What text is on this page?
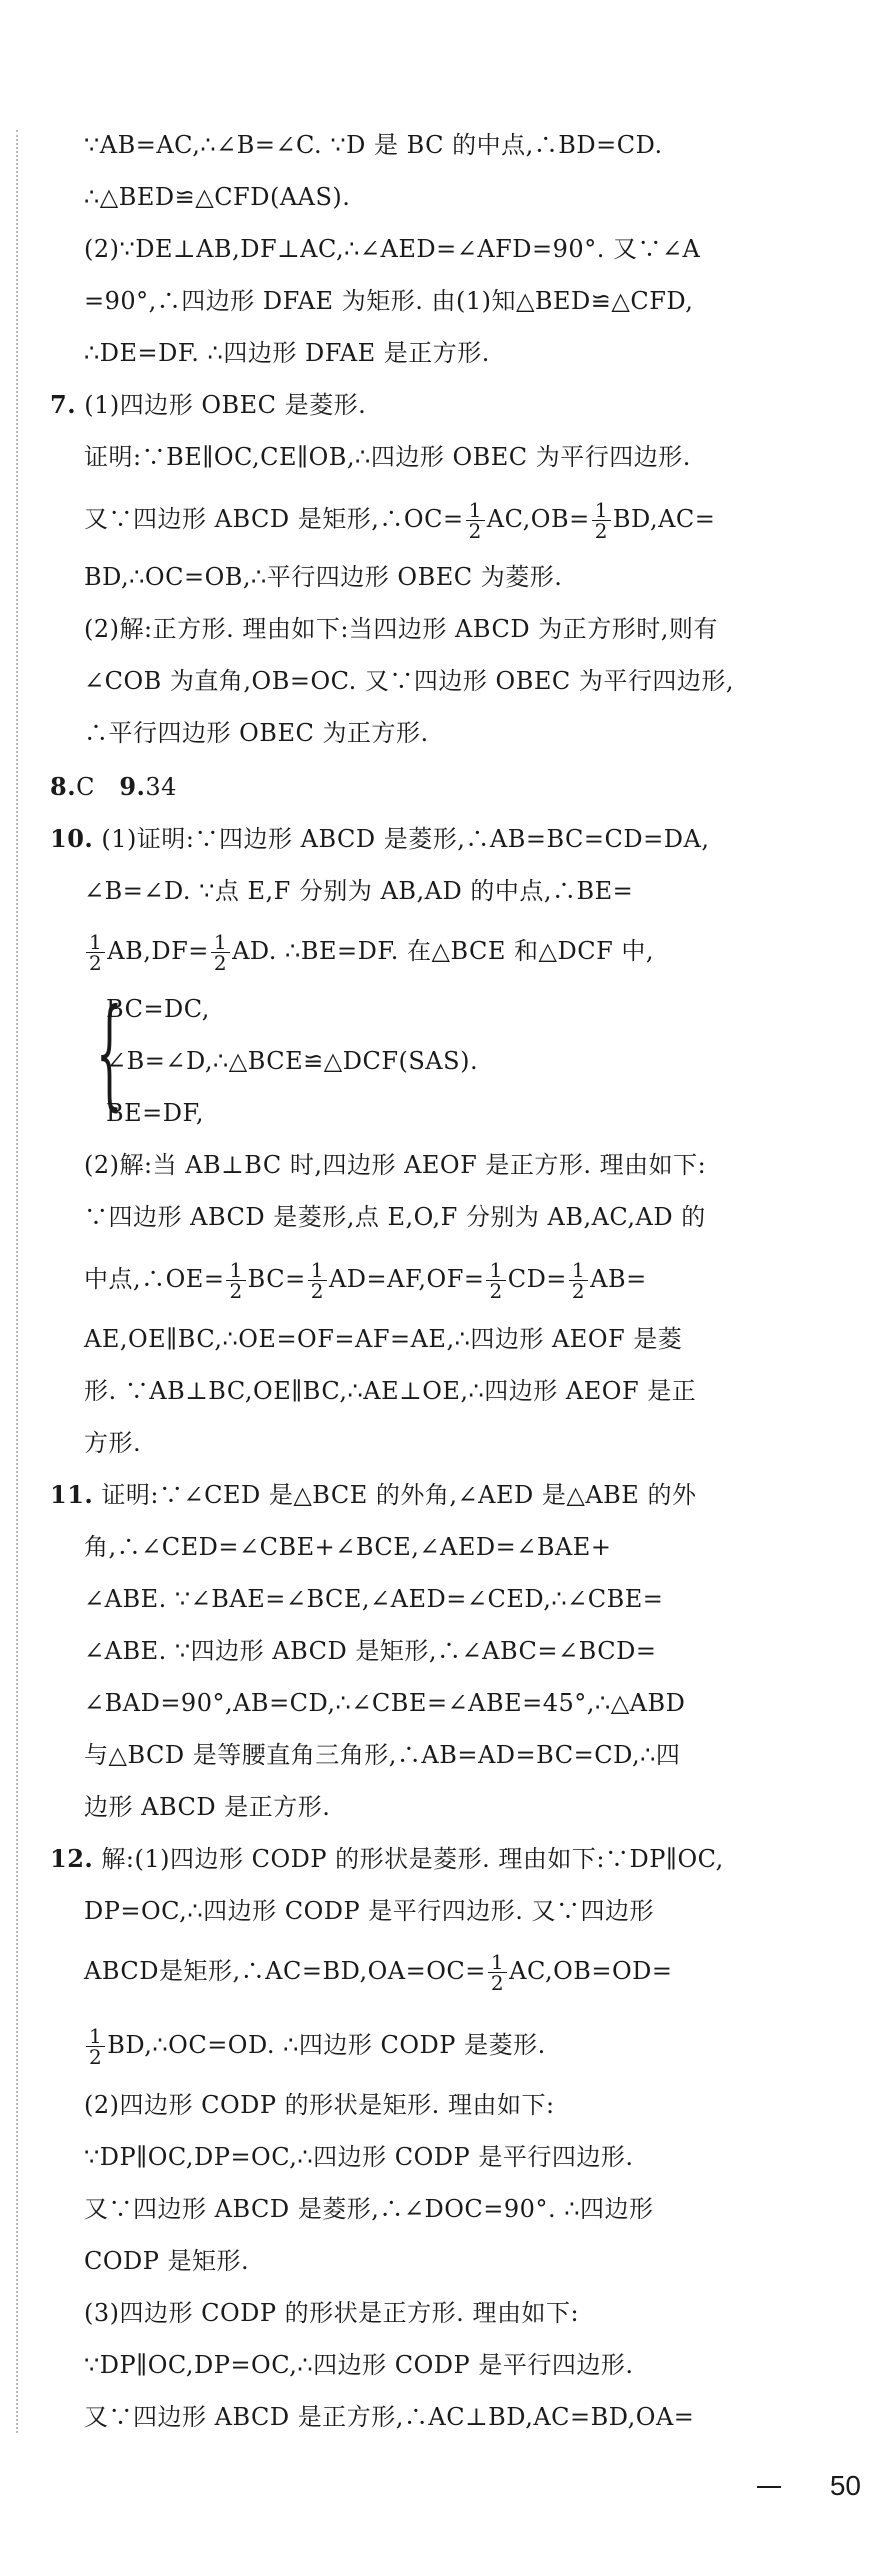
∵AB=AC,∴∠B=∠C. ∵D 是 BC 的中点,∴BD=CD.
∴△BED≌△CFD(AAS).
(2)∵DE⊥AB,DF⊥AC,∴∠AED=∠AFD=90°. 又∵∠A
=90°,∴四边形 DFAE 为矩形. 由(1)知△BED≌△CFD,
∴DE=DF. ∴四边形 DFAE 是正方形.
7. (1)四边形 OBEC 是菱形.
证明:∵BE∥OC,CE∥OB,∴四边形 OBEC 为平行四边形.
又∵四边形 ABCD 是矩形,∴OC= $\frac{1}{2} AC,OB= \frac{1}{2} BD,AC=$
BD,∴OC=OB,∴平行四边形 OBEC 为菱形.
(2)解:正方形. 理由如下:当四边形 ABCD 为正方形时,则有
∠COB 为直角,OB=OC. 又∵四边形 OBEC 为平行四边形,
∴平行四边形 OBEC 为正方形.
8.C 9.34
10. (1)证明:∵四边形 ABCD 是菱形,∴AB=BC=CD=DA,
∠B=∠D. ∵点 E,F 分别为 AB,AD 的中点,∴BE=
$\frac{1}{2} AB,DF= \frac{1}{2}$ AD. ∴BE=DF. 在△BCE 和△DCF 中,
{
BC=DC,
∠B=∠D,∴△BCE≌△DCF(SAS).
BE=DF,
(2)解:当 AB⊥BC 时,四边形 AEOF 是正方形. 理由如下:
∵四边形 ABCD 是菱形,点 E,O,F 分别为 AB,AC,AD 的
中点,∴OE= $\frac{1}{2} BC= \frac{1}{2} AD=AF,OF= \frac{1}{2} CD= \frac{1}{2} AB=$
AE,OE∥BC,∴OE=OF=AF=AE,∴四边形 AEOF 是菱
形. ∵AB⊥BC,OE∥BC,∴AE⊥OE,∴四边形 AEOF 是正
方形.
11. 证明:∵∠CED 是△BCE 的外角,∠AED 是△ABE 的外
角,∴∠CED=∠CBE+∠BCE,∠AED=∠BAE+
∠ABE. ∵∠BAE=∠BCE,∠AED=∠CED,∴∠CBE=
∠ABE. ∵四边形 ABCD 是矩形,∴∠ABC=∠BCD=
∠BAD=90°,AB=CD,∴∠CBE=∠ABE=45°,∴△ABD
与△BCD 是等腰直角三角形,∴AB=AD=BC=CD,∴四
边形 ABCD 是正方形.
12. 解:(1)四边形 CODP 的形状是菱形. 理由如下:∵DP∥OC,
DP=OC,∴四边形 CODP 是平行四边形. 又∵四边形
ABCD是矩形,∴AC=BD,OA=OC= $\frac{1}{2} AC,OB=OD=$
$\frac{1}{2}$ BD,∴OC=OD. ∴四边形 CODP 是菱形.
(2)四边形 CODP 的形状是矩形. 理由如下:
∵DP∥OC,DP=OC,∴四边形 CODP 是平行四边形.
又∵四边形 ABCD 是菱形,∴∠DOC=90°. ∴四边形
CODP 是矩形.
(3)四边形 CODP 的形状是正方形. 理由如下:
∵DP∥OC,DP=OC,∴四边形 CODP 是平行四边形.
又∵四边形 ABCD 是正方形,∴AC⊥BD,AC=BD,OA=
50
